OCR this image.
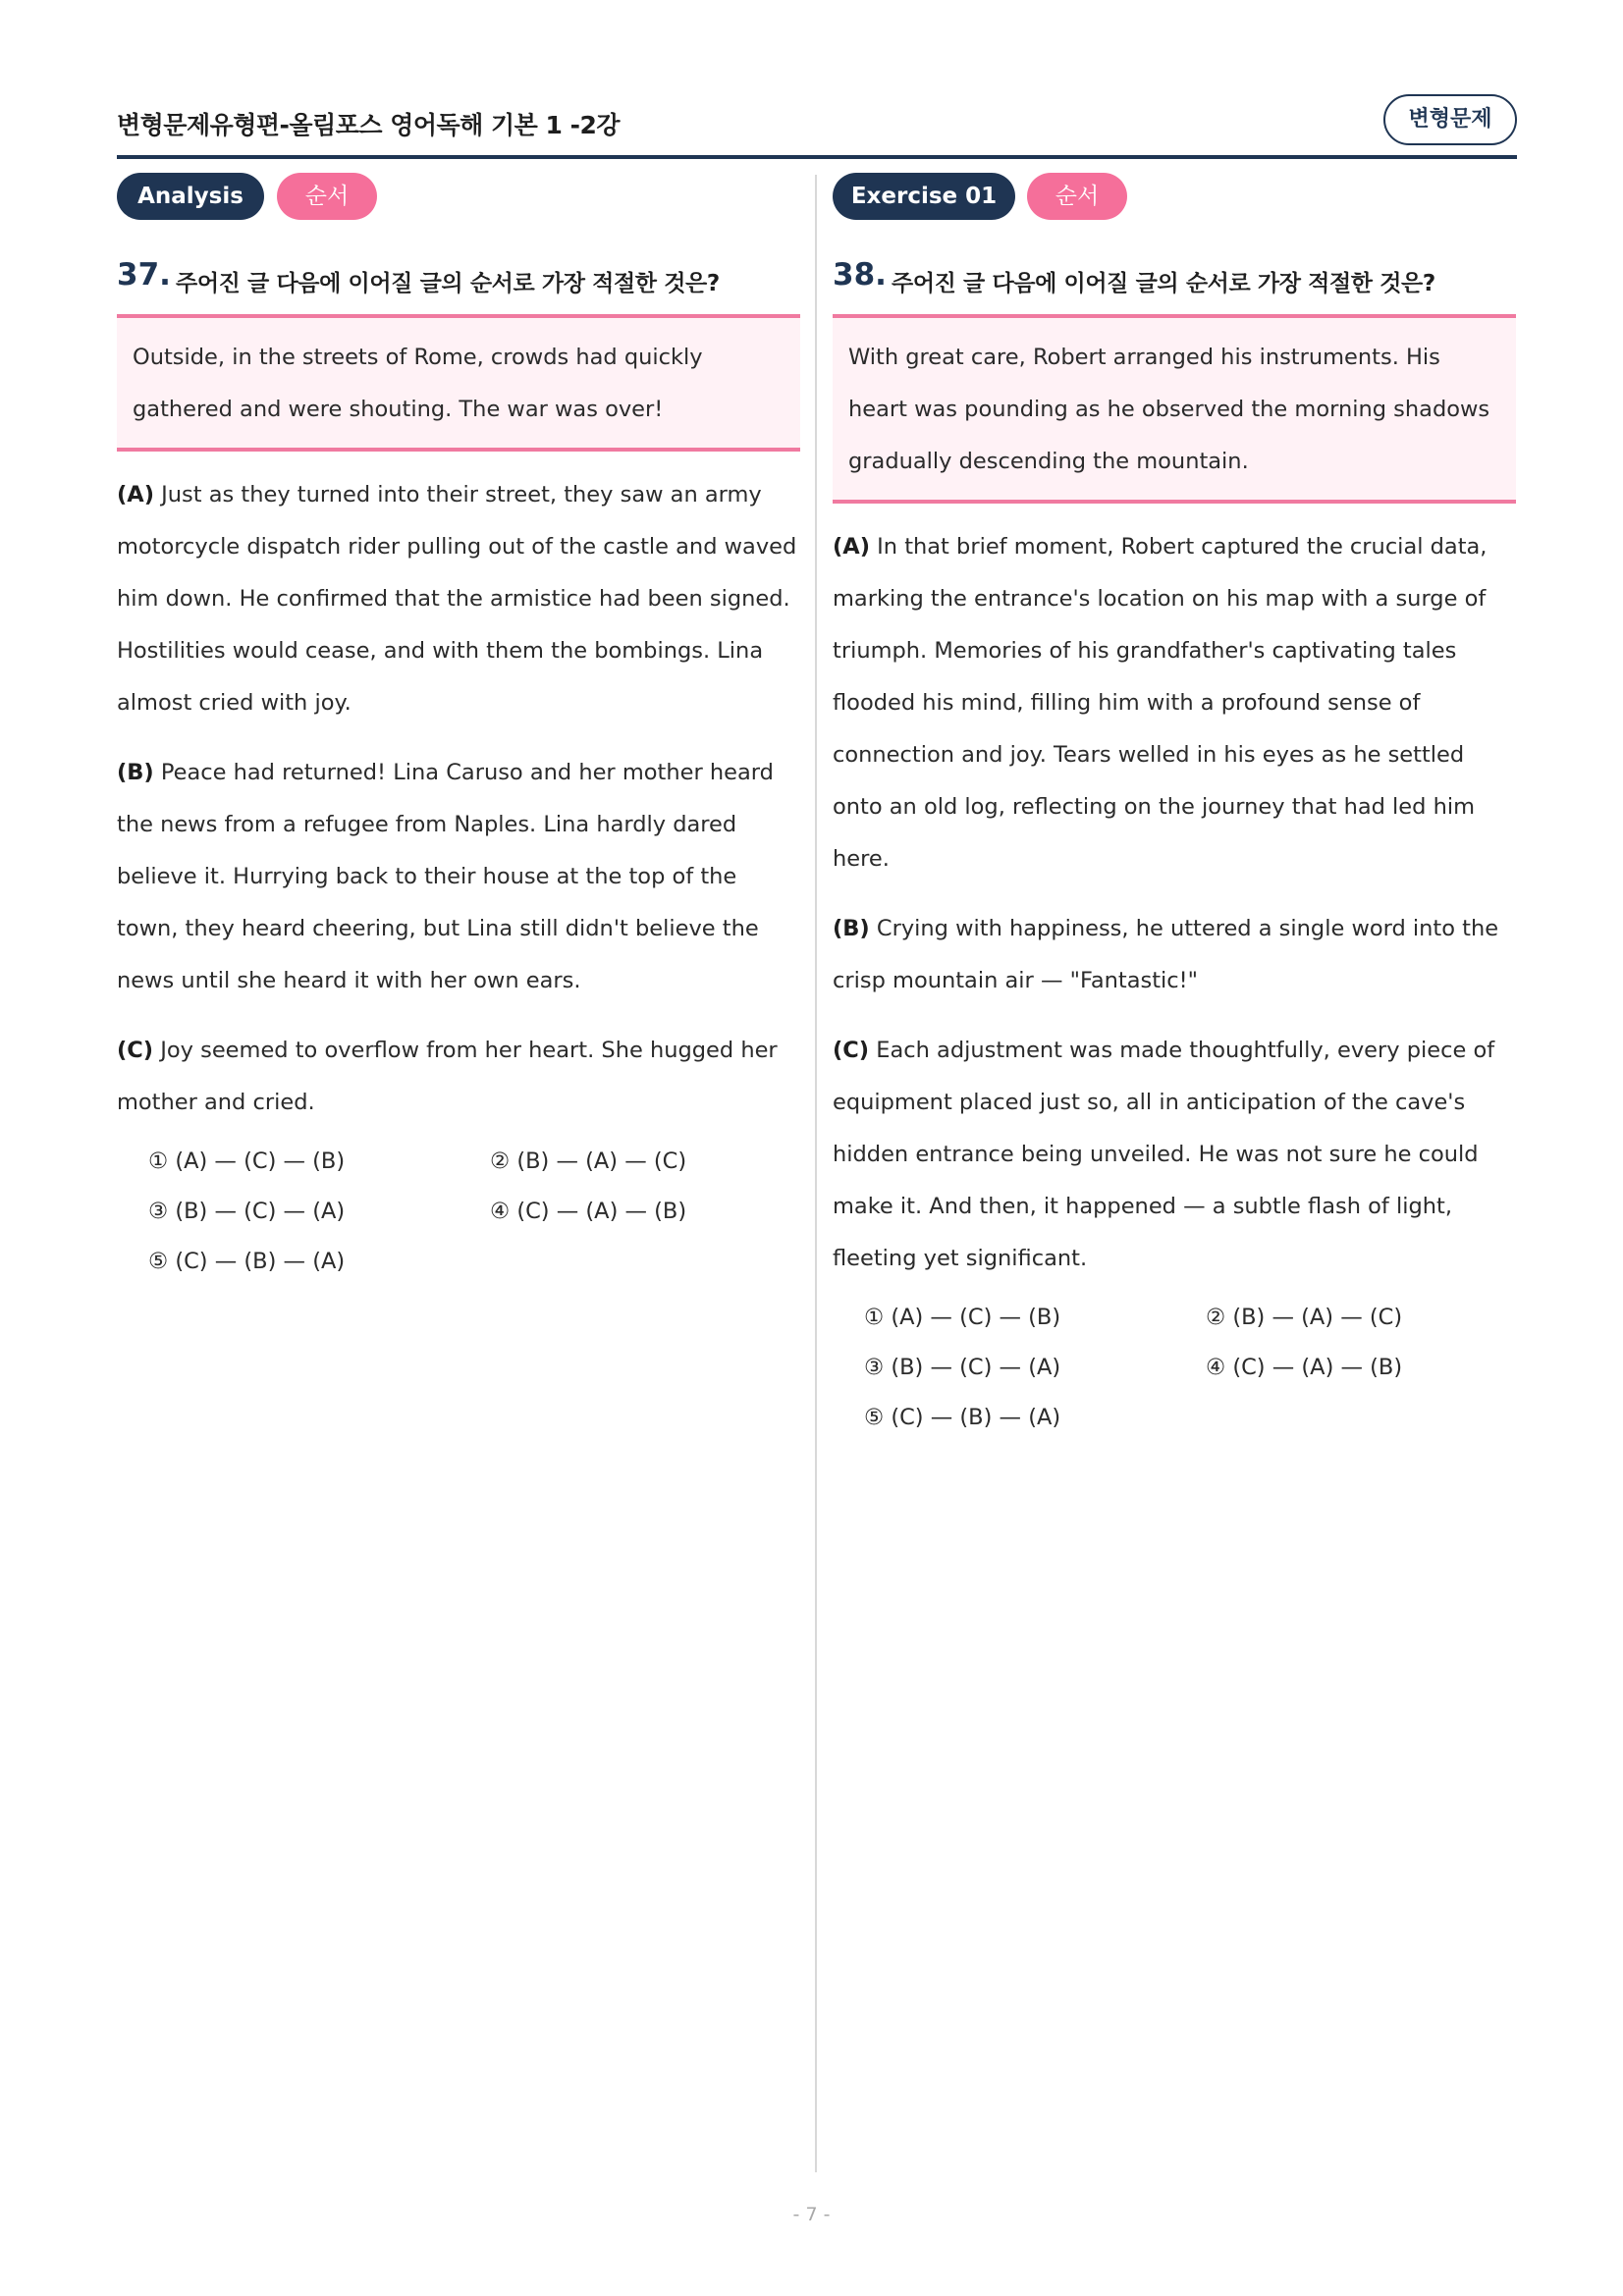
변형문제유형편-올림포스 영어독해 기본 1 -2강	변형문제
Analysis	순서
37. 주어진 글 다음에 이어질 글의 순서로 가장 적절한 것은?
Outside, in the streets of Rome, crowds had quickly gathered and were shouting. The war was over!
(A) Just as they turned into their street, they saw an army motorcycle dispatch rider pulling out of the castle and waved him down. He confirmed that the armistice had been signed. Hostilities would cease, and with them the bombings. Lina almost cried with joy.
(B) Peace had returned! Lina Caruso and her mother heard the news from a refugee from Naples. Lina hardly dared believe it. Hurrying back to their house at the top of the town, they heard cheering, but Lina still didn't believe the news until she heard it with her own ears.
(C) Joy seemed to overflow from her heart. She hugged her mother and cried.
① (A) — (C) — (B)	② (B) — (A) — (C)
③ (B) — (C) — (A)	④ (C) — (A) — (B)
⑤ (C) — (B) — (A)
Exercise 01	순서
38. 주어진 글 다음에 이어질 글의 순서로 가장 적절한 것은?
With great care, Robert arranged his instruments. His heart was pounding as he observed the morning shadows gradually descending the mountain.
(A) In that brief moment, Robert captured the crucial data, marking the entrance's location on his map with a surge of triumph. Memories of his grandfather's captivating tales flooded his mind, filling him with a profound sense of connection and joy. Tears welled in his eyes as he settled onto an old log, reflecting on the journey that had led him here.
(B) Crying with happiness, he uttered a single word into the crisp mountain air — "Fantastic!"
(C) Each adjustment was made thoughtfully, every piece of equipment placed just so, all in anticipation of the cave's hidden entrance being unveiled. He was not sure he could make it. And then, it happened — a subtle flash of light, fleeting yet significant.
① (A) — (C) — (B)	② (B) — (A) — (C)
③ (B) — (C) — (A)	④ (C) — (A) — (B)
⑤ (C) — (B) — (A)
- 7 -
